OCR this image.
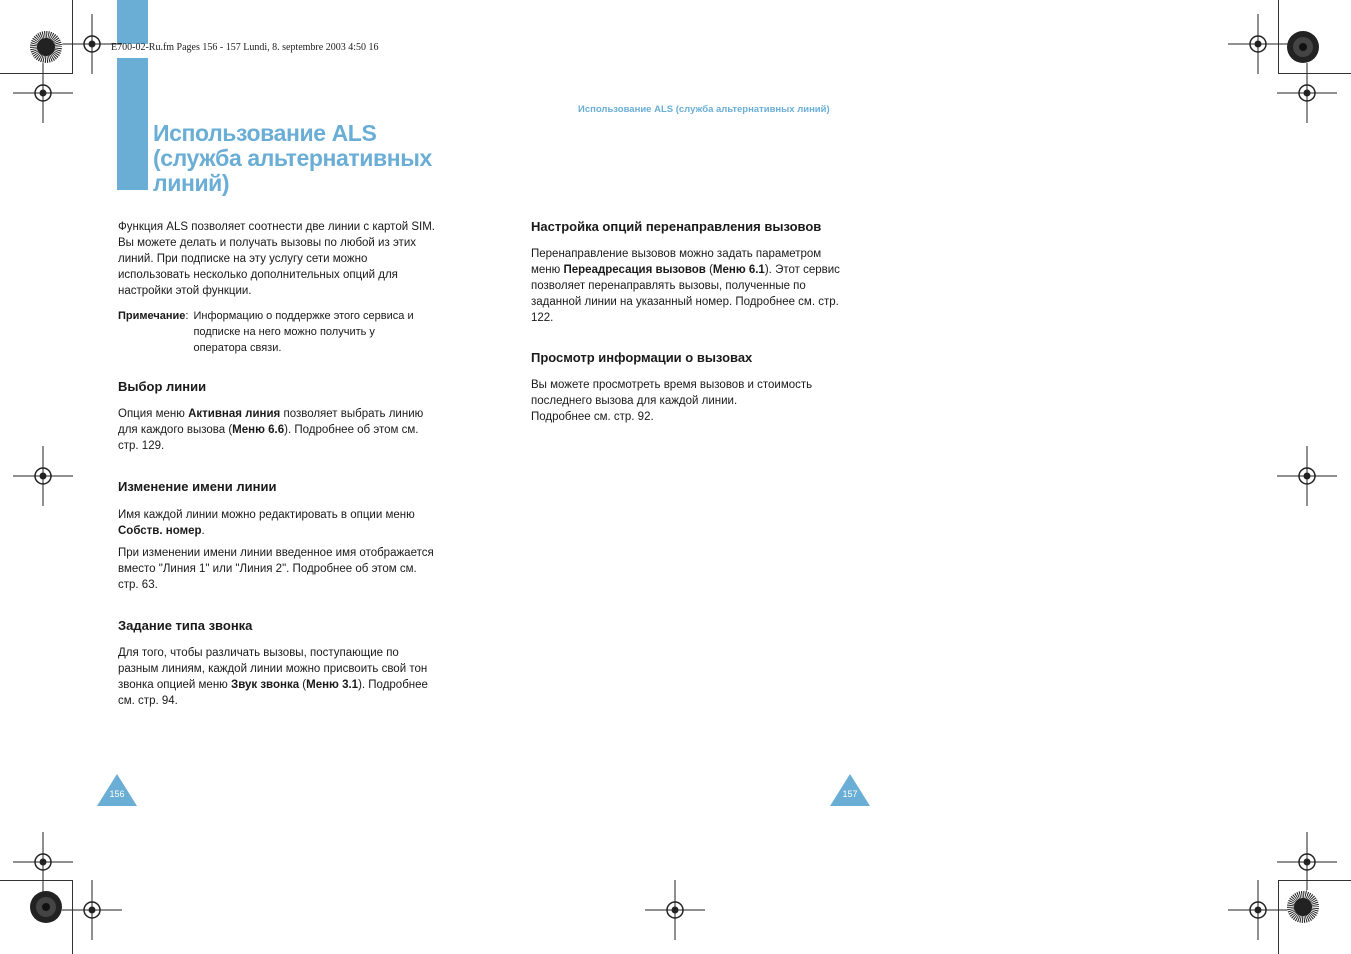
E700-02-Ru.fm Pages 156 - 157 Lundi, 8. septembre 2003 4:50 16
Использование ALS (служба альтернативных линий)
Использование ALS
(служба альтернативных
линий)

Функция ALS позволяет соотнести две линии с картой SIM. Вы можете делать и получать вызовы по любой из этих линий. При подписке на эту услугу сети можно использовать несколько дополнительных опций для настройки этой функции.

Примечание: Информацию о поддержке этого сервиса и подписке на него можно получить у оператора связи.
Выбор линии

Опция меню Активная линия позволяет выбрать линию для каждого вызова (Меню 6.6). Подробнее об этом см. стр. 129.

Изменение имени линии

Имя каждой линии можно редактировать в опции меню Собств. номер.

При изменении имени линии введенное имя отображается вместо "Линия 1" или "Линия 2". Подробнее об этом см. стр. 63.

Задание типа звонка

Для того, чтобы различать вызовы, поступающие по разным линиям, каждой линии можно присвоить свой тон звонка опцией меню Звук звонка (Меню 3.1). Подробнее см. стр. 94.

Настройка опций перенаправления вызовов

Перенаправление вызовов можно задать параметром меню Переадресация вызовов (Меню 6.1). Этот сервис позволяет перенаправлять вызовы, полученные по заданной линии на указанный номер. Подробнее см. стр. 122.

Просмотр информации о вызовах

Вы можете просмотреть время вызовов и стоимость последнего вызова для каждой линии.
Подробнее см. стр. 92.

156	157
